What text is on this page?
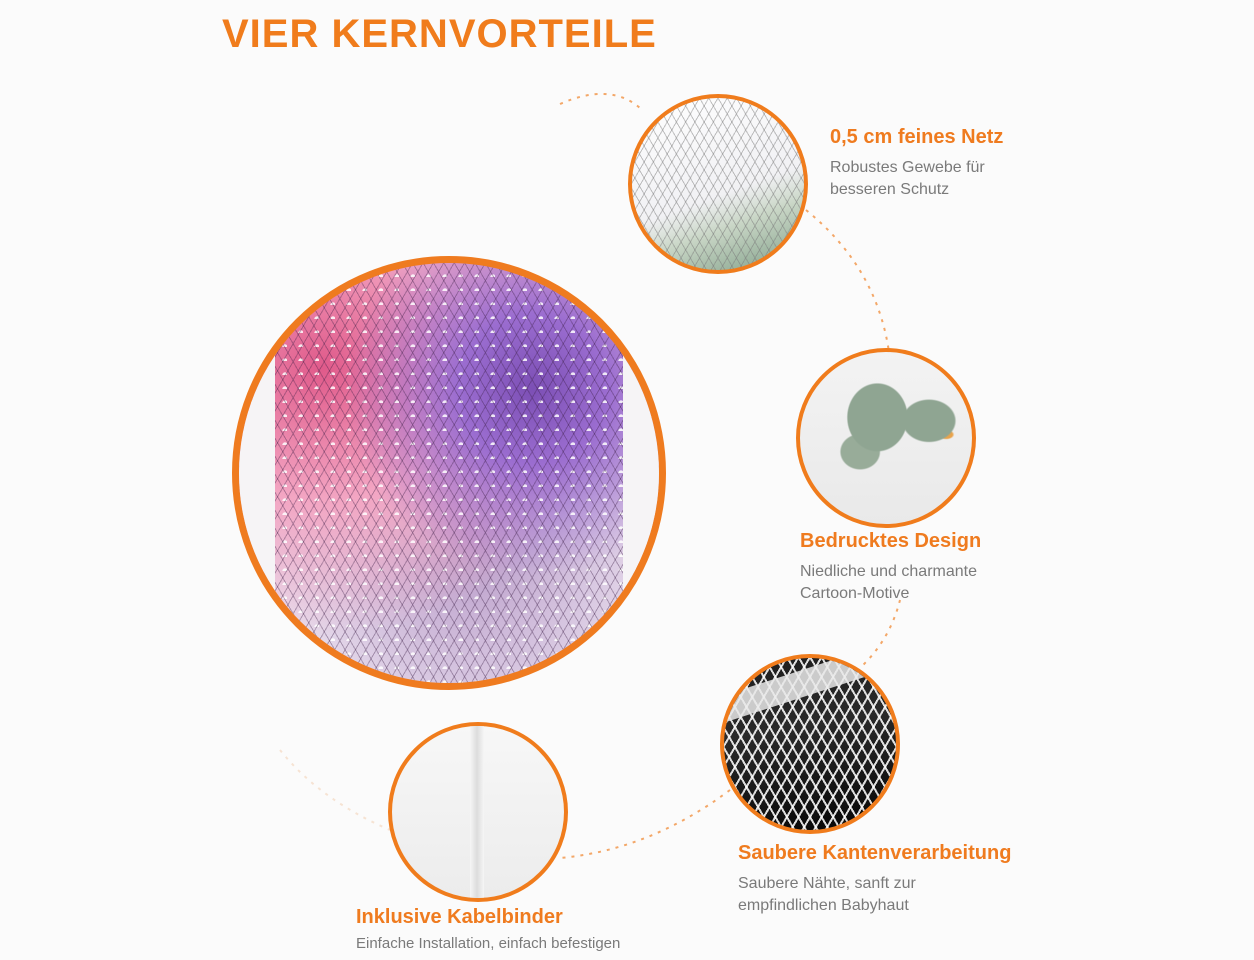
VIER KERNVORTEILE

0,5 cm feines Netz

Robustes Gewebe für

besseren Schutz

Bedrucktes Design

Niedliche und charmante

Cartoon-Motive

Saubere Kantenverarbeitung

Saubere Nähte, sanft zur

empfindlichen Babyhaut

Inklusive Kabelbinder

Einfache Installation, einfach befestigen
